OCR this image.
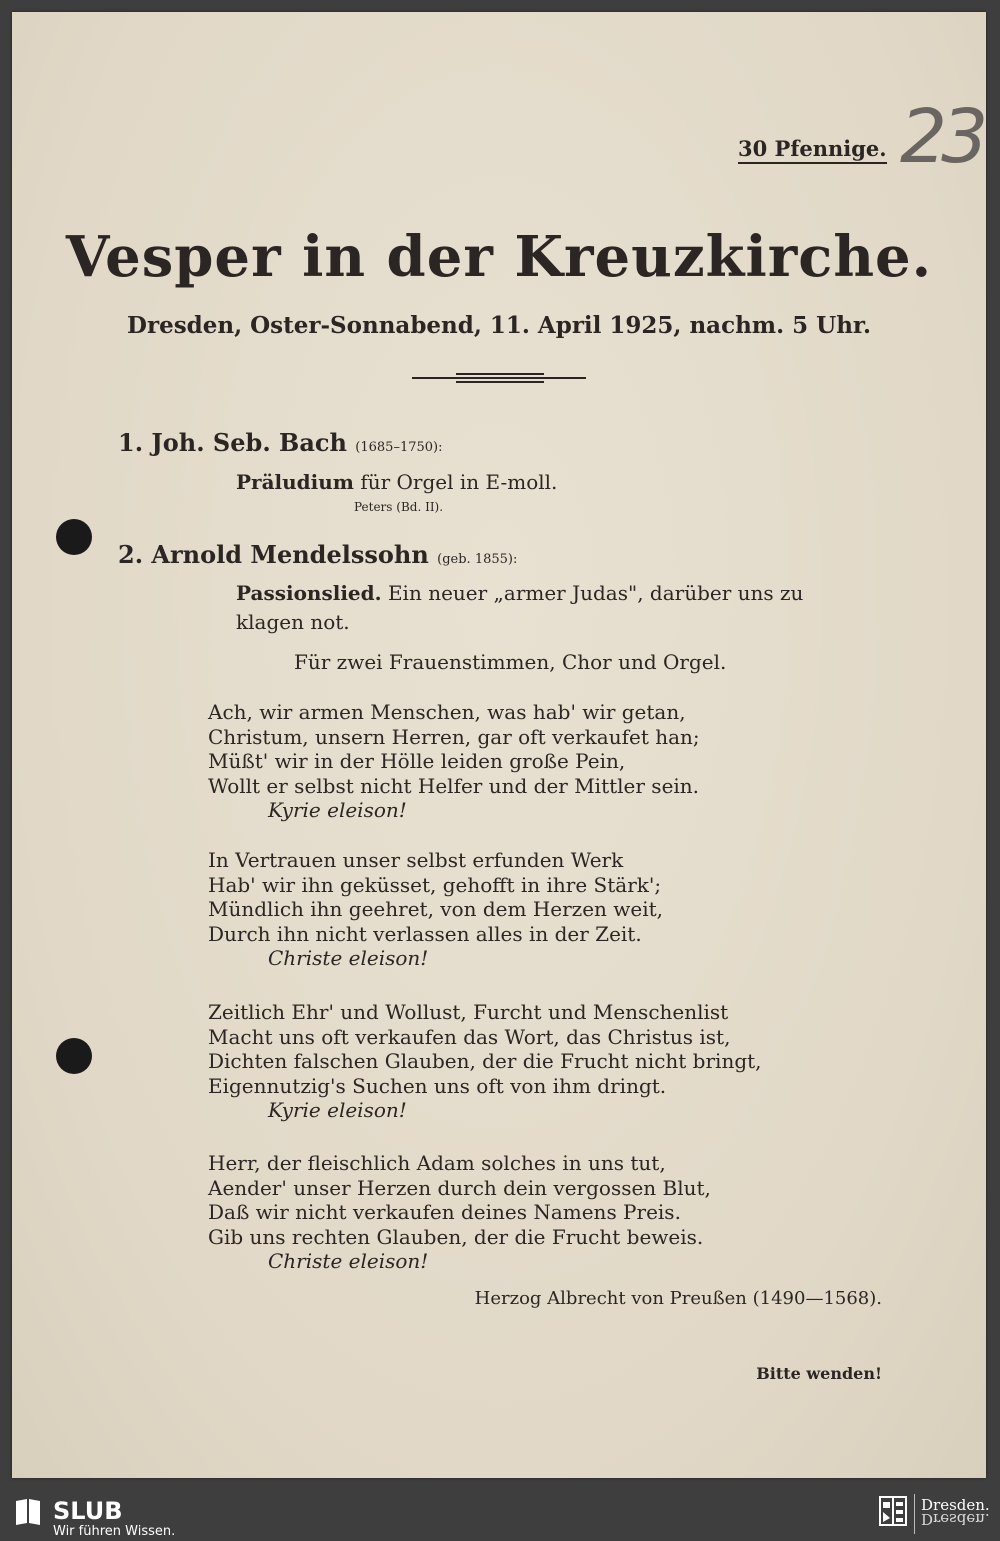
30 Pfennige. 23
Vesper in der Kreuzkirche.
Dresden, Oster-Sonnabend, 11. April 1925, nachm. 5 Uhr.
1. Joh. Seb. Bach (1685–1750):
Präludium für Orgel in E-moll.
Peters (Bd. II).
2. Arnold Mendelssohn (geb. 1855):
Passionslied. Ein neuer „armer Judas", darüber uns zu
klagen not.
Für zwei Frauenstimmen, Chor und Orgel.
Ach, wir armen Menschen, was hab' wir getan,
Christum, unsern Herren, gar oft verkaufet han;
Müßt' wir in der Hölle leiden große Pein,
Wollt er selbst nicht Helfer und der Mittler sein.
Kyrie eleison!
In Vertrauen unser selbst erfunden Werk
Hab' wir ihn geküsset, gehofft in ihre Stärk';
Mündlich ihn geehret, von dem Herzen weit,
Durch ihn nicht verlassen alles in der Zeit.
Christe eleison!
Zeitlich Ehr' und Wollust, Furcht und Menschenlist
Macht uns oft verkaufen das Wort, das Christus ist,
Dichten falschen Glauben, der die Frucht nicht bringt,
Eigennutzig's Suchen uns oft von ihm dringt.
Kyrie eleison!
Herr, der fleischlich Adam solches in uns tut,
Aender' unser Herzen durch dein vergossen Blut,
Daß wir nicht verkaufen deines Namens Preis.
Gib uns rechten Glauben, der die Frucht beweis.
Christe eleison!
Herzog Albrecht von Preußen (1490—1568).
Bitte wenden!
SLUB
Wir führen Wissen.
Dresden.
Dresden.
